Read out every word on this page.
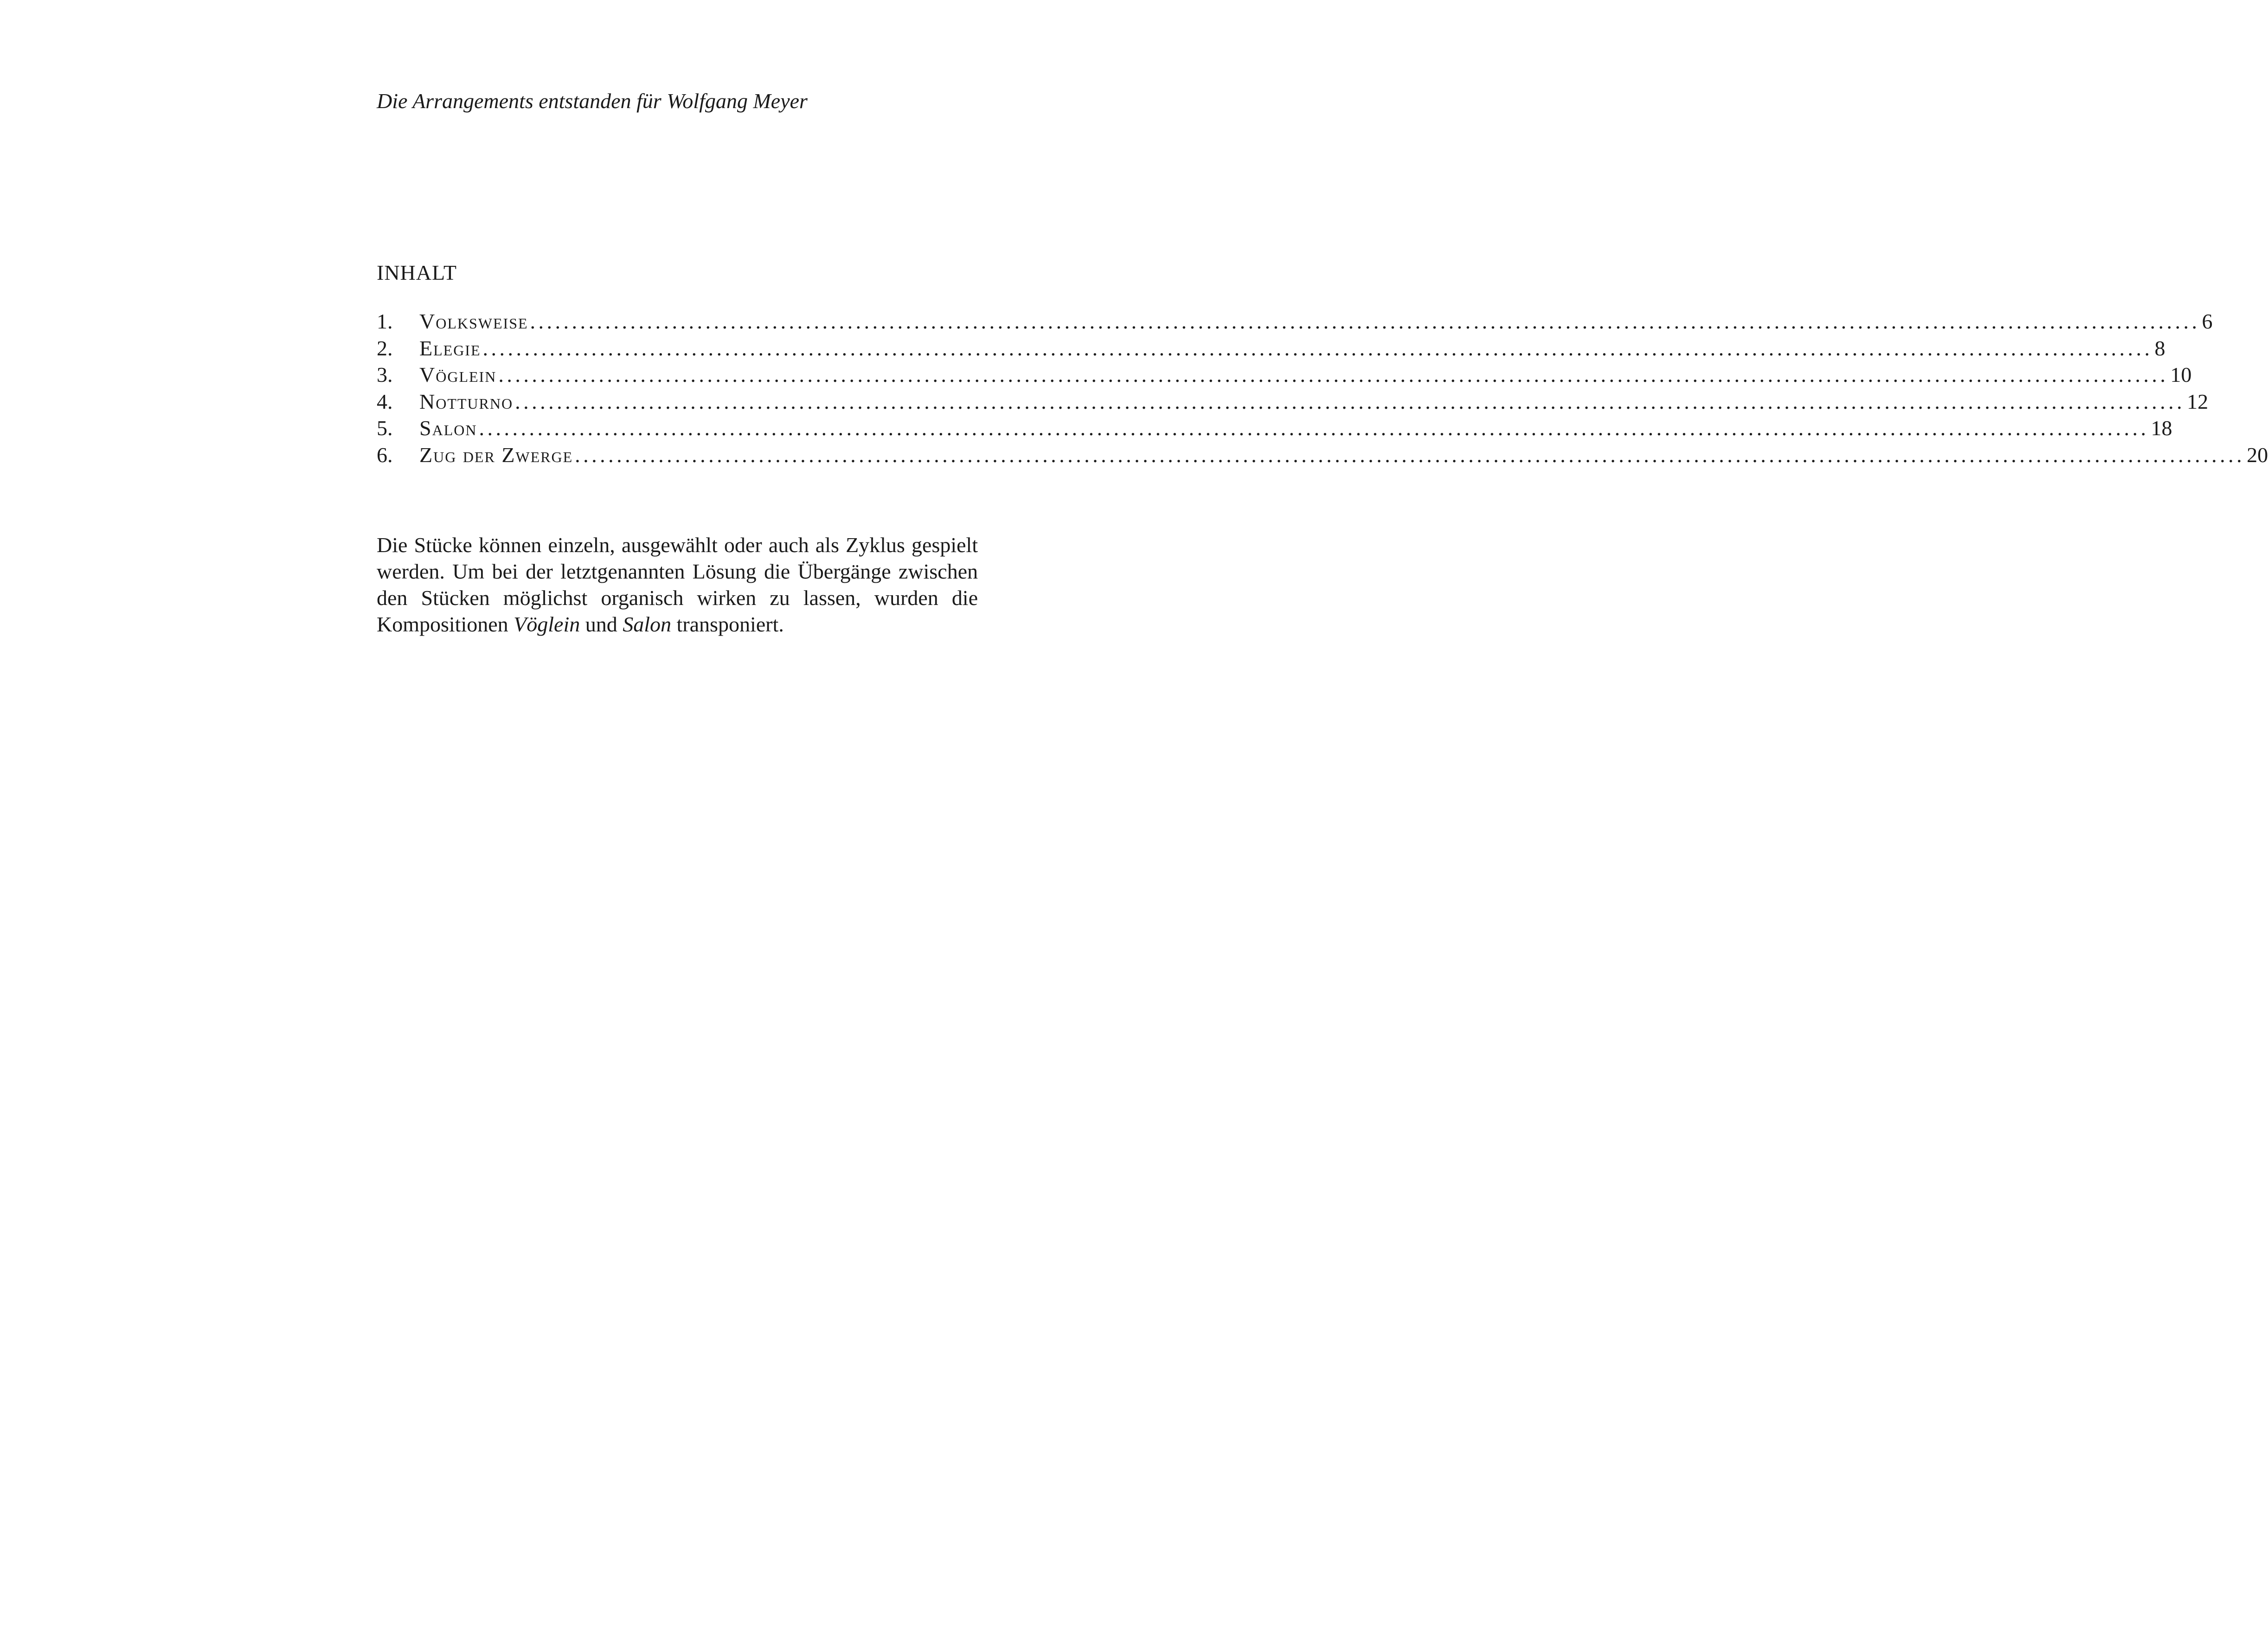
Die Arrangements entstanden für Wolfgang Meyer
INHALT
1.	Volksweise ........................................................................................................................................................................................................ 6
2.	Elegie ........................................................................................................................................................................................................ 8
3.	Vöglein ........................................................................................................................................................................................................ 10
4.	Notturno ........................................................................................................................................................................................................ 12
5.	Salon ........................................................................................................................................................................................................ 18
6.	Zug der Zwerge ........................................................................................................................................................................................................ 20

Die Stücke können einzeln, ausgewählt oder auch als Zyklus gespielt werden. Um bei der letztgenannten Lösung die Übergänge zwischen den Stücken möglichst organisch wirken zu lassen, wurden die Kompositionen Vöglein und Salon transponiert.
